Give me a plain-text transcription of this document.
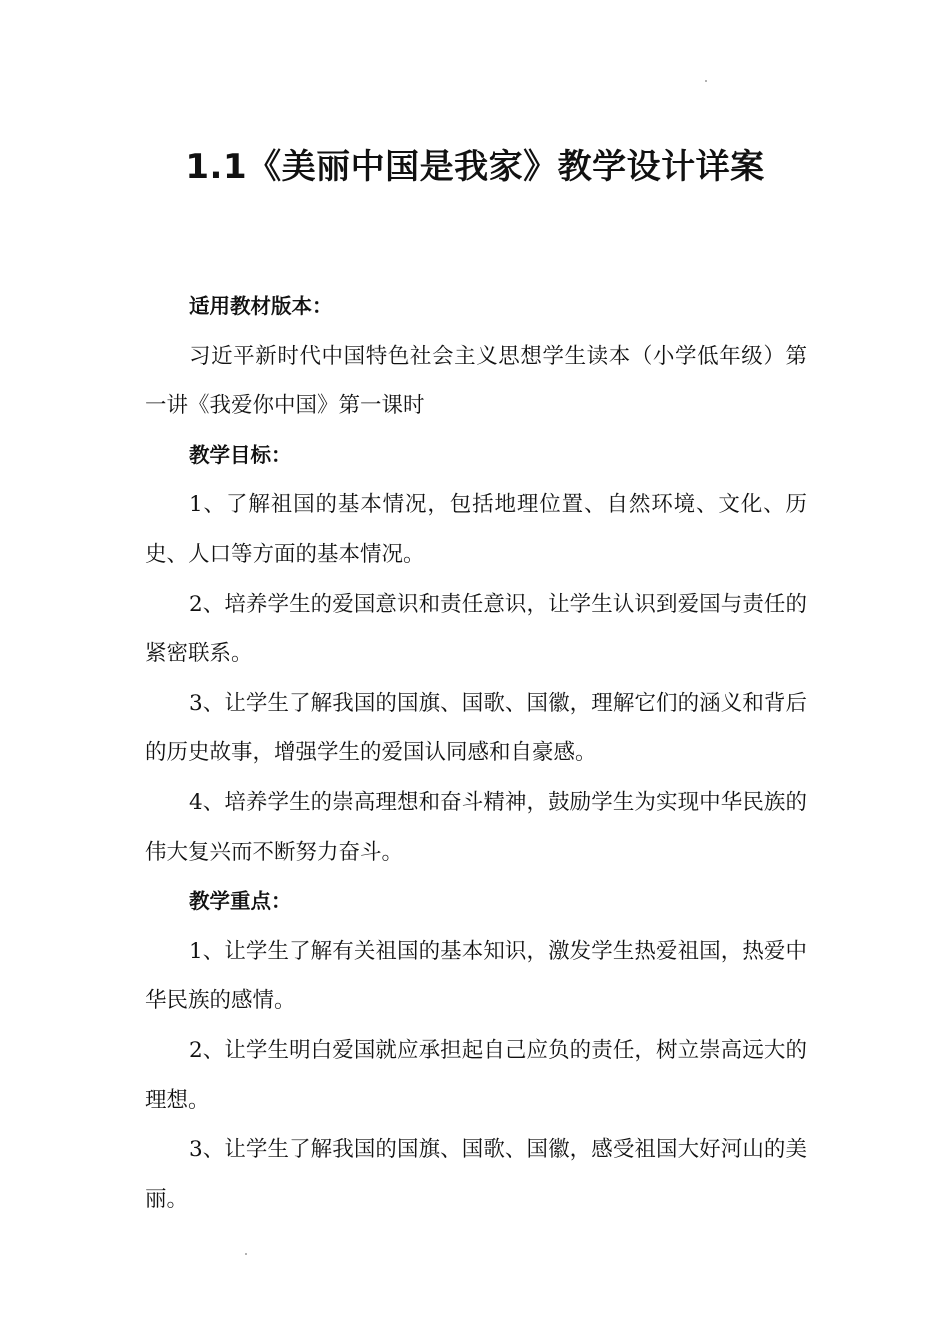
1.1《美丽中国是我家》教学设计详案

适用教材版本：

习近平新时代中国特色社会主义思想学生读本（小学低年级）第一讲《我爱你中国》第一课时

教学目标：

1、了解祖国的基本情况，包括地理位置、自然环境、文化、历史、人口等方面的基本情况。

2、培养学生的爱国意识和责任意识，让学生认识到爱国与责任的紧密联系。

3、让学生了解我国的国旗、国歌、国徽，理解它们的涵义和背后的历史故事，增强学生的爱国认同感和自豪感。

4、培养学生的崇高理想和奋斗精神，鼓励学生为实现中华民族的伟大复兴而不断努力奋斗。

教学重点：

1、让学生了解有关祖国的基本知识，激发学生热爱祖国，热爱中华民族的感情。

2、让学生明白爱国就应承担起自己应负的责任，树立崇高远大的理想。

3、让学生了解我国的国旗、国歌、国徽，感受祖国大好河山的美丽。
